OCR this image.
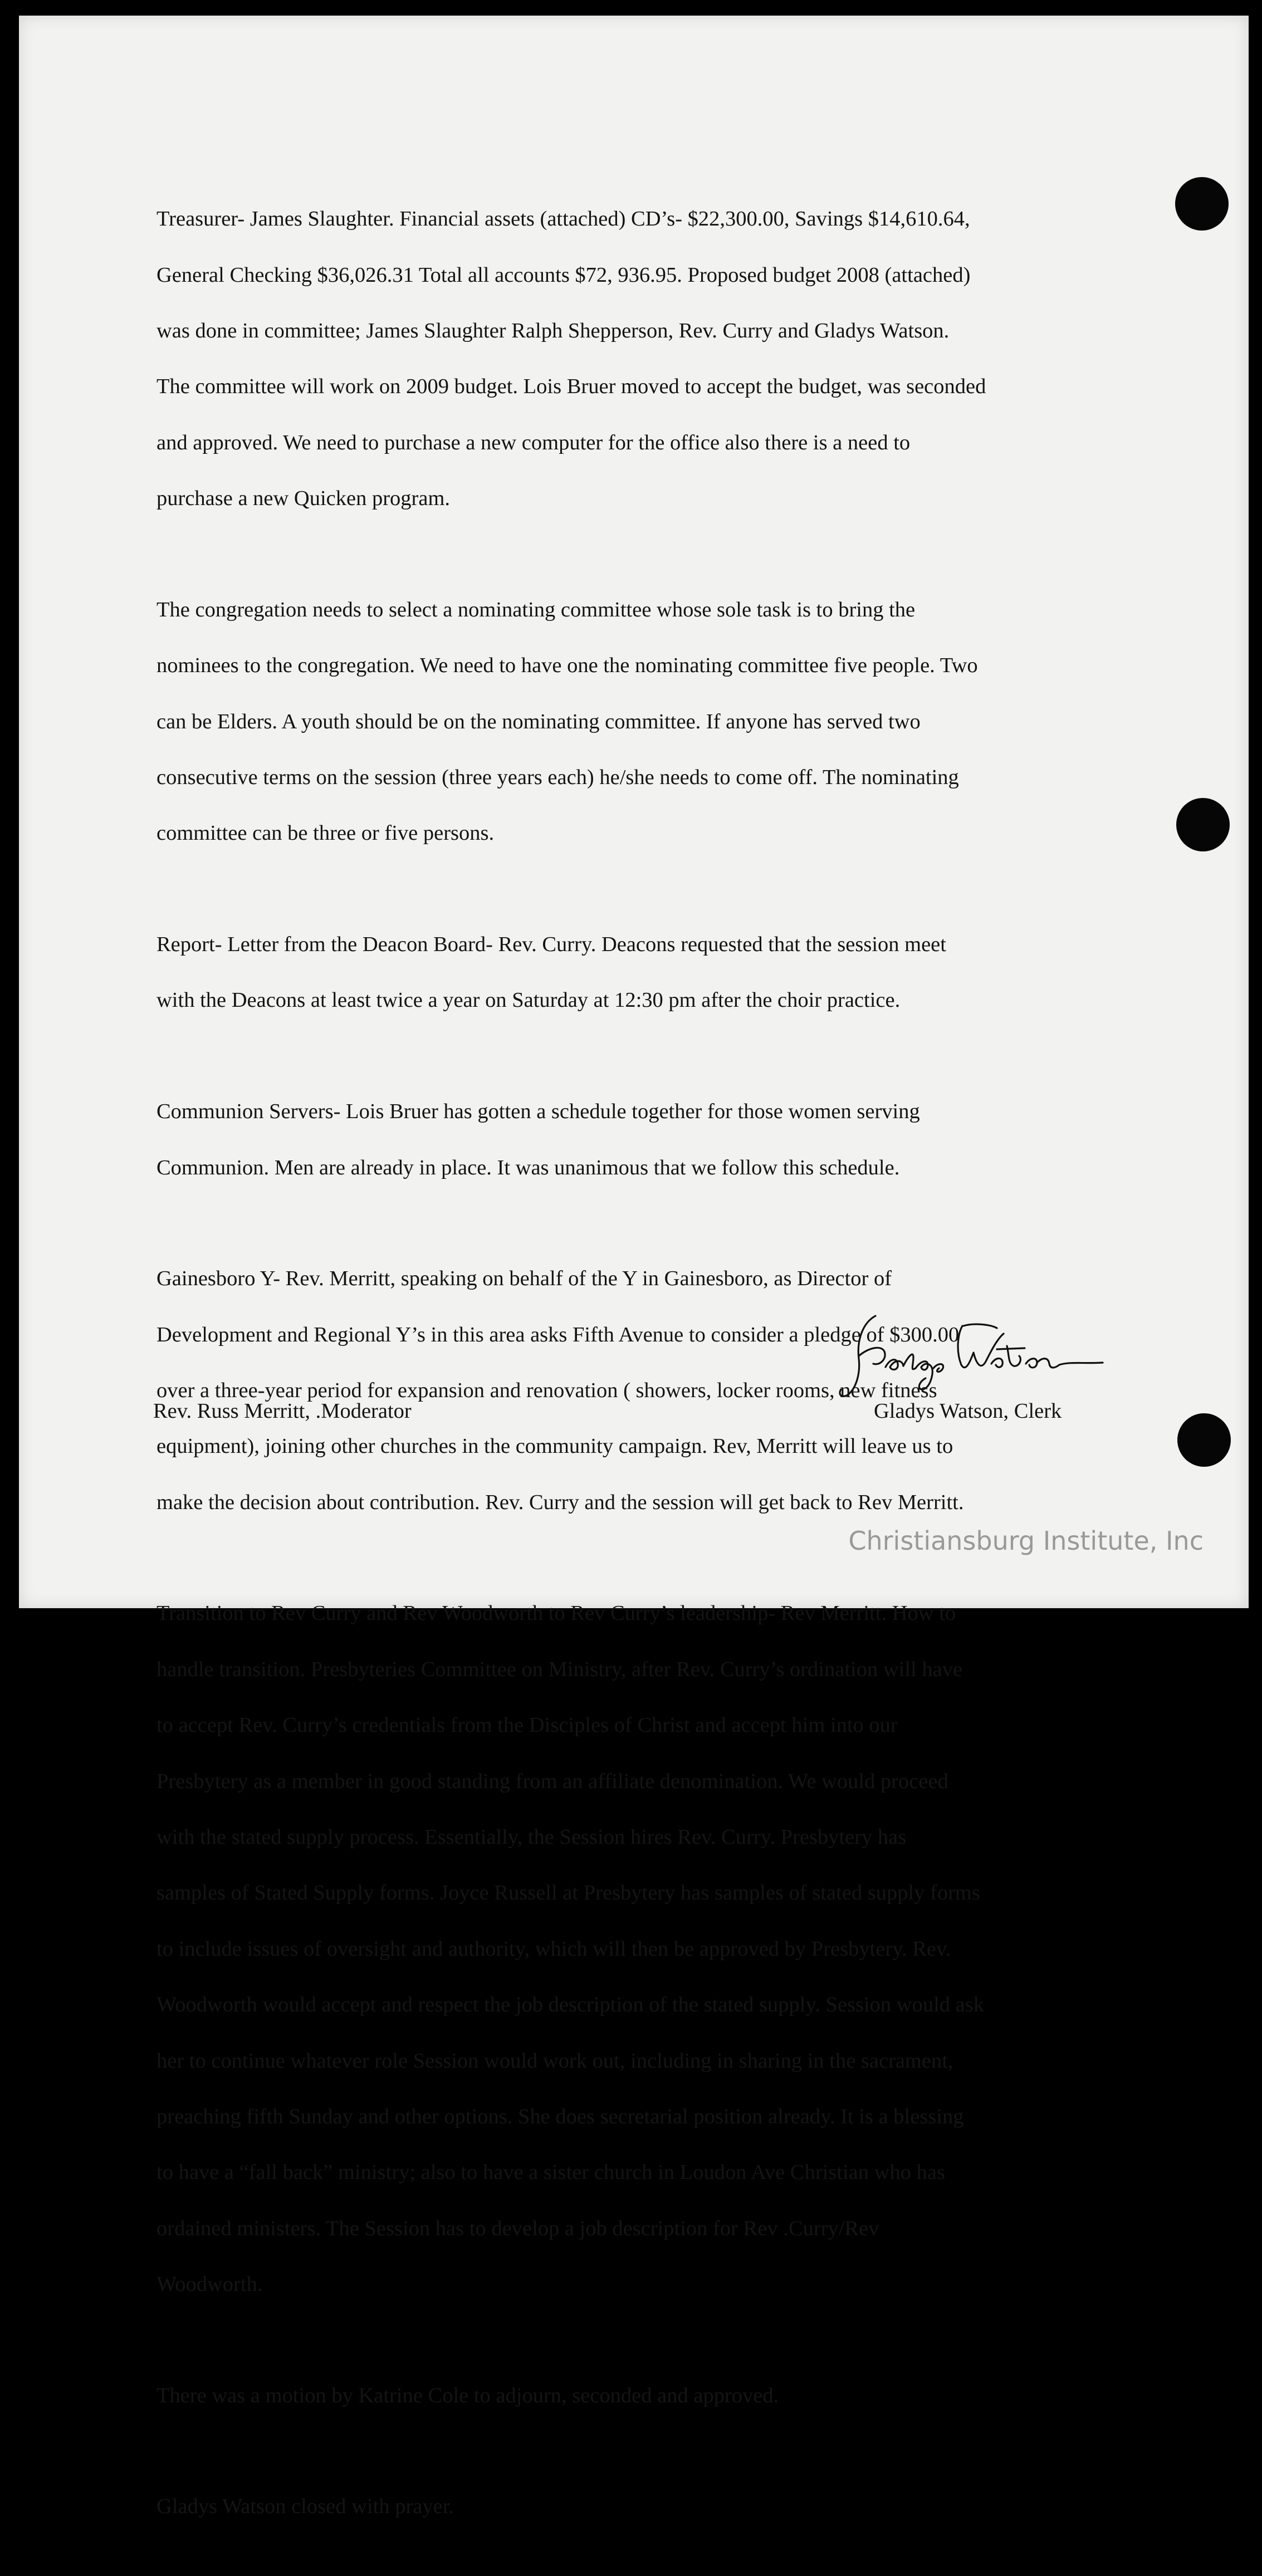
Treasurer- James Slaughter. Financial assets (attached) CD’s- $22,300.00, Savings $14,610.64,

General Checking $36,026.31 Total all accounts $72, 936.95. Proposed budget 2008 (attached)

was done in committee; James Slaughter Ralph Shepperson, Rev. Curry and Gladys Watson.

The committee will work on 2009 budget. Lois Bruer moved to accept the budget, was seconded

and approved. We need to purchase a new computer for the office also there is a need to

purchase a new Quicken program.

The congregation needs to select a nominating committee whose sole task is to bring the

nominees to the congregation. We need to have one the nominating committee five people. Two

can be Elders. A youth should be on the nominating committee. If anyone has served two

consecutive terms on the session (three years each) he/she needs to come off. The nominating

committee can be three or five persons.

Report- Letter from the Deacon Board- Rev. Curry. Deacons requested that the session meet

with the Deacons at least twice a year on Saturday at 12:30 pm after the choir practice.

Communion Servers- Lois Bruer has gotten a schedule together for those women serving

Communion. Men are already in place. It was unanimous that we follow this schedule.

Gainesboro Y- Rev. Merritt, speaking on behalf of the Y in Gainesboro, as Director of

Development and Regional Y’s in this area asks Fifth Avenue to consider a pledge of $300.00

over a three-year period for expansion and renovation ( showers, locker rooms, new fitness

equipment), joining other churches in the community campaign. Rev, Merritt will leave us to

make the decision about contribution. Rev. Curry and the session will get back to Rev Merritt.

Transition to Rev Curry and Rev Woodworth to Rev Curry’s leadership- Rev Merritt. How to

handle transition. Presbyteries Committee on Ministry, after Rev. Curry’s ordination will have

to accept Rev. Curry’s credentials from the Disciples of Christ and accept him into our

Presbytery as a member in good standing from an affiliate denomination. We would proceed

with the stated supply process. Essentially, the Session hires Rev. Curry. Presbytery has

samples of Stated Supply forms. Joyce Russell at Presbytery has samples of stated supply forms

to include issues of oversight and authority, which will then be approved by Presbytery. Rev.

Woodworth would accept and respect the job description of the stated supply. Session would ask

her to continue whatever role Session would work out, including in sharing in the sacrament,

preaching fifth Sunday and other options. She does secretarial position already. It is a blessing

to have a “fall back” ministry; also to have a sister church in Loudon Ave Christian who has

ordained ministers. The Session has to develop a job description for Rev .Curry/Rev

Woodworth.

There was a motion by Katrine Cole to adjourn, seconded and approved.

Gladys Watson closed with prayer.

Rev. Russ Merritt, .Moderator	Gladys Watson, Clerk
Christiansburg Institute, Inc
